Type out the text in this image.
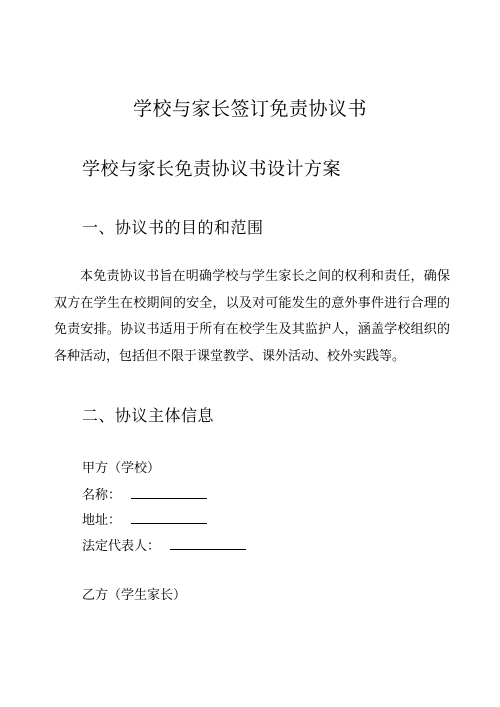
学校与家长签订免责协议书
学校与家长免责协议书设计方案
一、协议书的目的和范围
本免责协议书旨在明确学校与学生家长之间的权利和责任，确保双方在学生在校期间的安全，以及对可能发生的意外事件进行合理的免责安排。协议书适用于所有在校学生及其监护人，涵盖学校组织的各种活动，包括但不限于课堂教学、课外活动、校外实践等。
二、协议主体信息
甲方（学校）
名称：
地址：
法定代表人：
乙方（学生家长）
